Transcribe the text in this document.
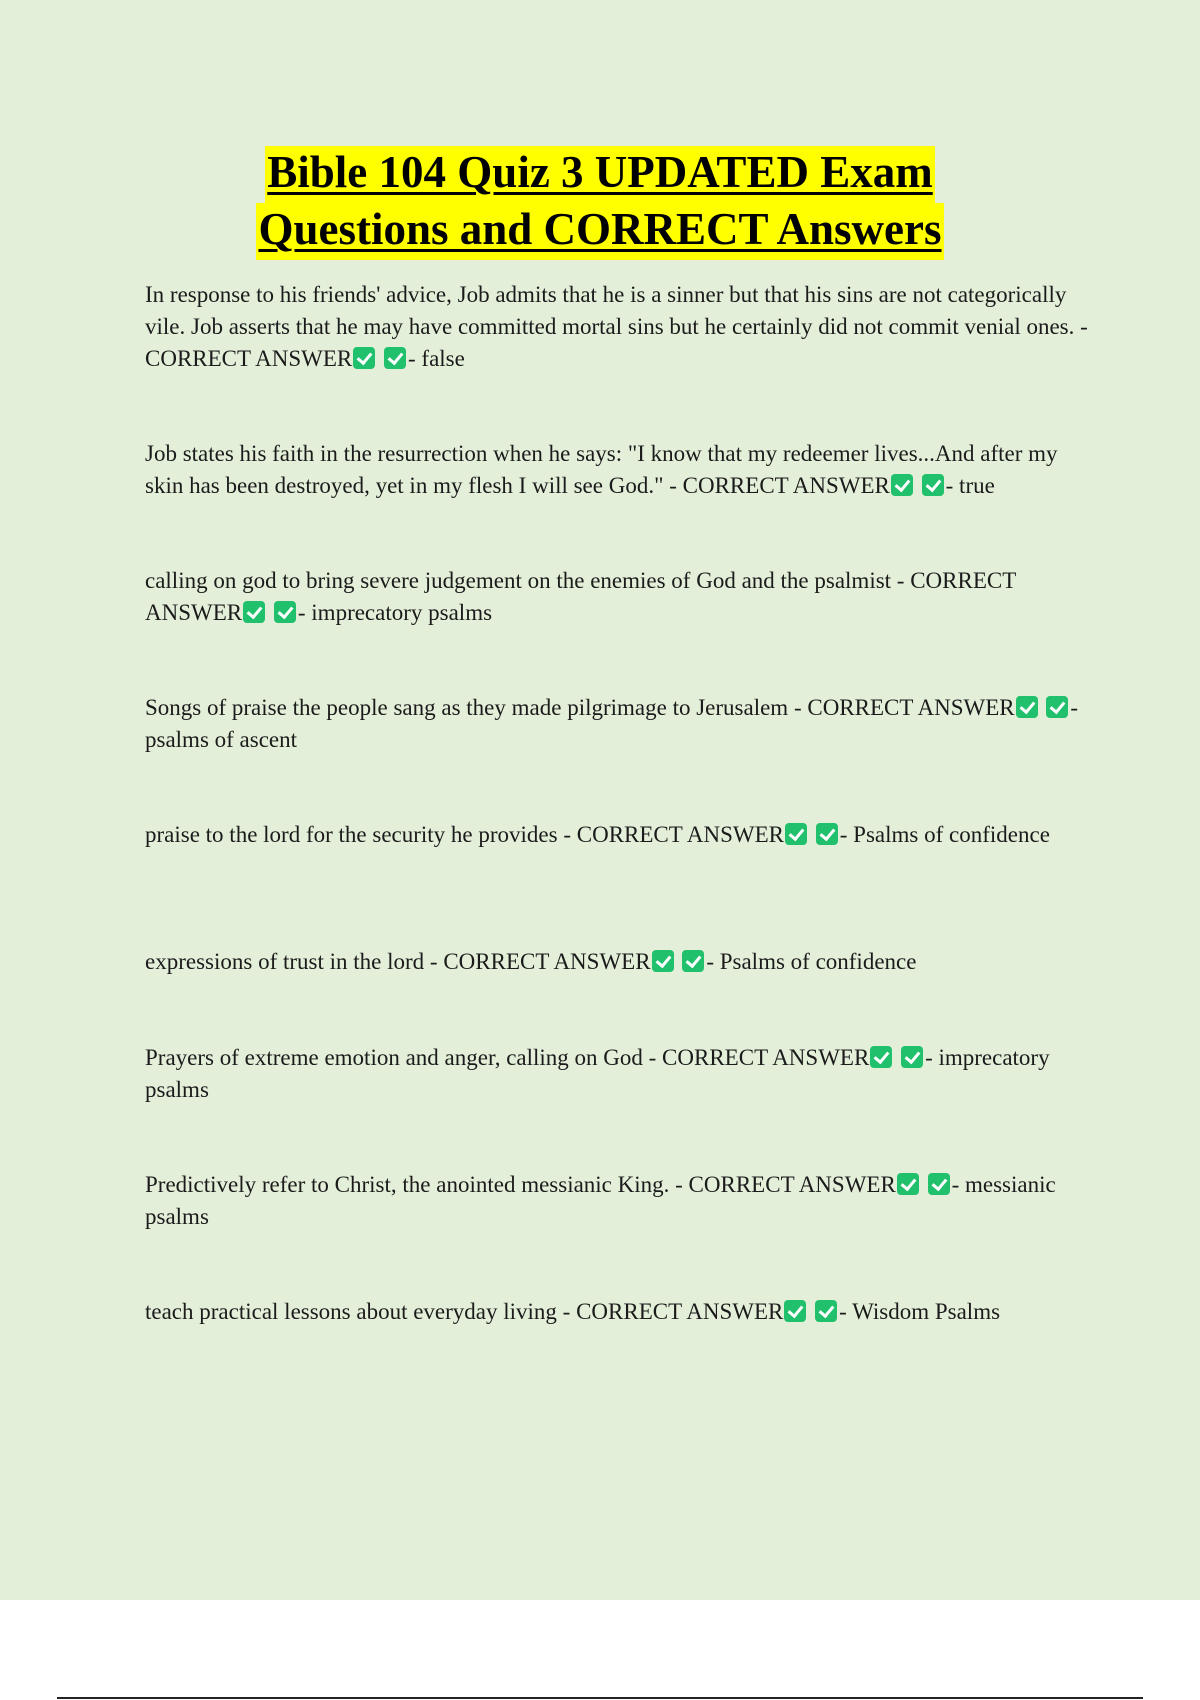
Bible 104 Quiz 3 UPDATED Exam
Questions and CORRECT Answers

In response to his friends' advice, Job admits that he is a sinner but that his sins are not categorically vile. Job asserts that he may have committed mortal sins but he certainly did not commit venial ones. - CORRECT ANSWER - false

Job states his faith in the resurrection when he says: "I know that my redeemer lives...And after my skin has been destroyed, yet in my flesh I will see God." - CORRECT ANSWER - true

calling on god to bring severe judgement on the enemies of God and the psalmist - CORRECT ANSWER - imprecatory psalms

Songs of praise the people sang as they made pilgrimage to Jerusalem - CORRECT ANSWER - psalms of ascent

praise to the lord for the security he provides - CORRECT ANSWER - Psalms of confidence

expressions of trust in the lord - CORRECT ANSWER - Psalms of confidence

Prayers of extreme emotion and anger, calling on God - CORRECT ANSWER - imprecatory psalms

Predictively refer to Christ, the anointed messianic King. - CORRECT ANSWER - messianic psalms

teach practical lessons about everyday living - CORRECT ANSWER - Wisdom Psalms
